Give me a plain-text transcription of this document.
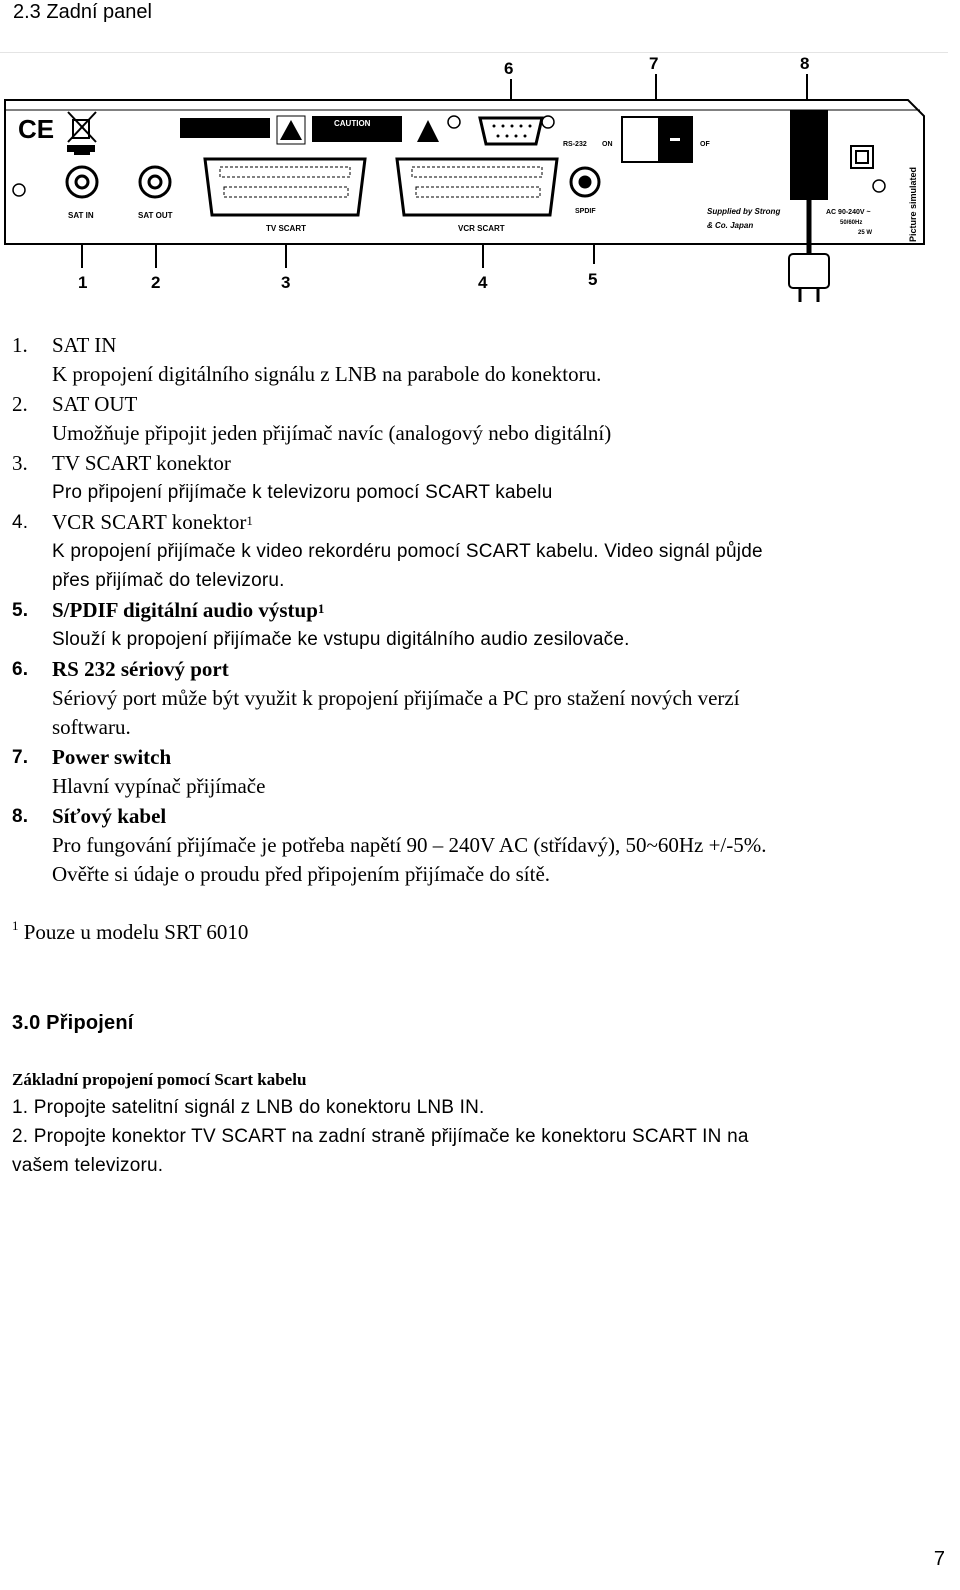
2.3 Zadní panel
6	7	8
1	2	3	4	5
CE	CAUTION
SAT IN	SAT OUT
TV SCART	VCR SCART
RS-232 ON
SPDIF
OF
Supplied by Strong
& Co. Japan
AC 90-240V ~
50/60Hz
25 W	Picture simulated
1. SAT IN
K propojení digitálního signálu z LNB na parabole do konektoru.
2. SAT OUT
Umožňuje připojit jeden přijímač navíc (analogový nebo digitální)
3. TV SCART konektor
Pro připojení přijímače k televizoru pomocí SCART kabelu
4. VCR SCART konektor$^1$
K propojení přijímače k video rekordéru pomocí SCART kabelu. Video signál půjde
přes přijímač do televizoru.
5. S/PDIF digitální audio výstup$^1$
Slouží k propojení přijímače ke vstupu digitálního audio zesilovače.
6. RS 232 sériový port
Sériový port může být využit k propojení přijímače a PC pro stažení nových verzí
softwaru.
7. Power switch
Hlavní vypínač přijímače
8. Síťový kabel
Pro fungování přijímače je potřeba napětí 90 – 240V AC (střídavý), 50~60Hz +/-5%.
Ověřte si údaje o proudu před připojením přijímače do sítě.
$^1$ Pouze u modelu SRT 6010
3.0 Připojení
Základní propojení pomocí Scart kabelu
1. Propojte satelitní signál z LNB do konektoru LNB IN.
2. Propojte konektor TV SCART na zadní straně přijímače ke konektoru SCART IN na
vašem televizoru.
7
